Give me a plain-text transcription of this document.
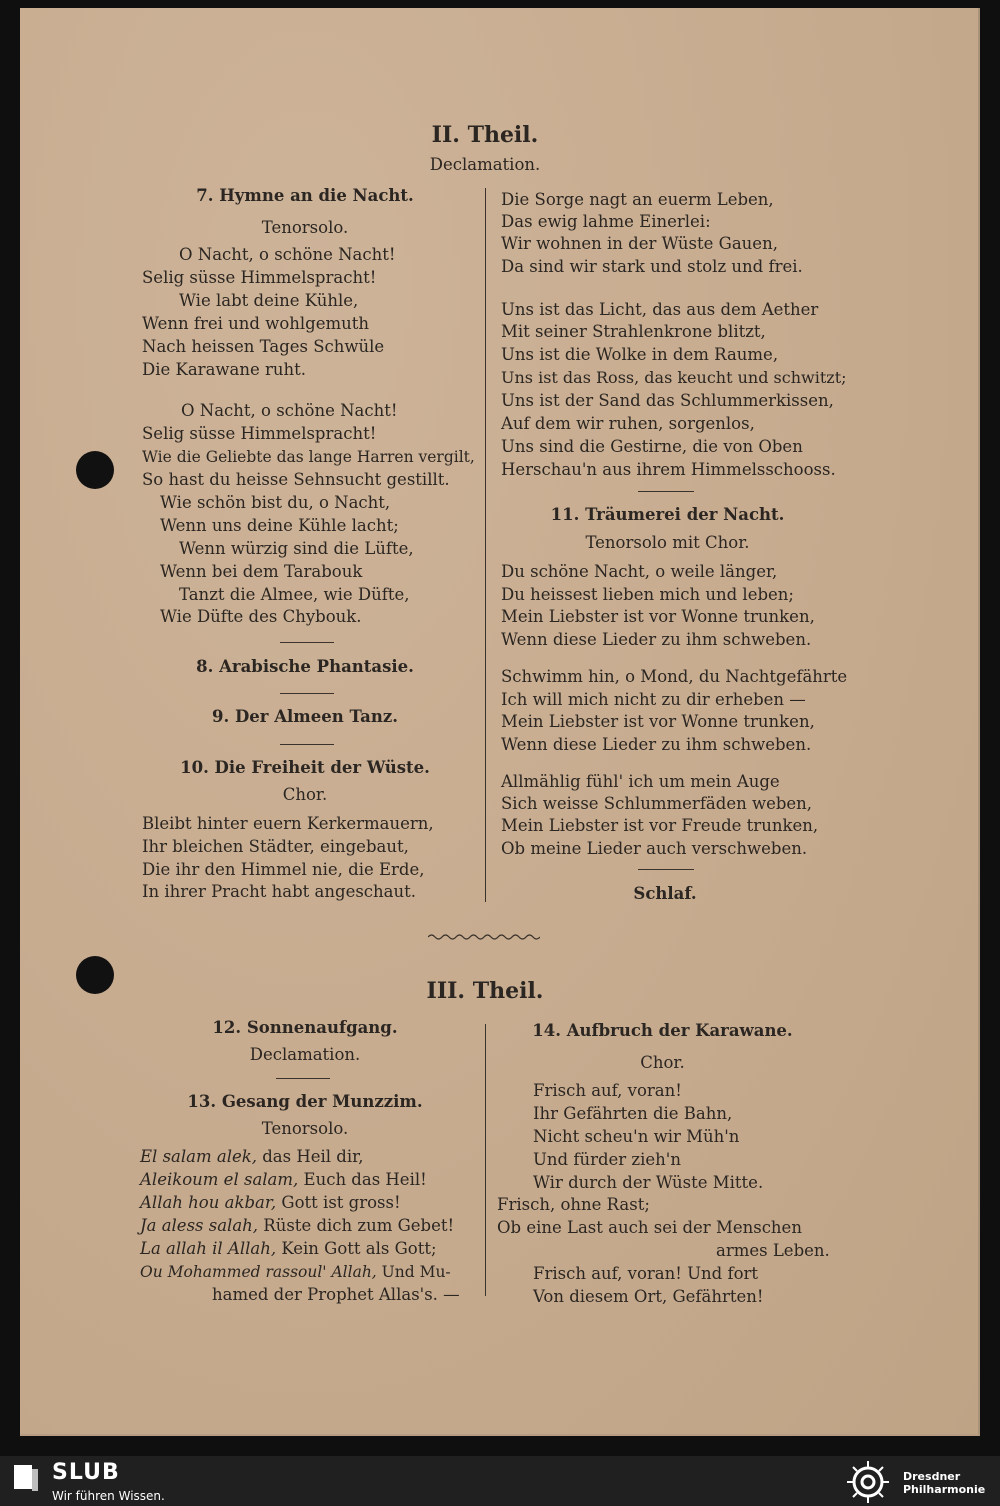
II. Theil.
Declamation.
7. Hymne an die Nacht.
Tenorsolo.
O Nacht, o schöne Nacht!
Selig süsse Himmelspracht!
Wie labt deine Kühle,
Wenn frei und wohlgemuth
Nach heissen Tages Schwüle
Die Karawane ruht.
O Nacht, o schöne Nacht!
Selig süsse Himmelspracht!
Wie die Geliebte das lange Harren vergilt,
So hast du heisse Sehnsucht gestillt.
Wie schön bist du, o Nacht,
Wenn uns deine Kühle lacht;
Wenn würzig sind die Lüfte,
Wenn bei dem Tarabouk
Tanzt die Almee, wie Düfte,
Wie Düfte des Chybouk.
8. Arabische Phantasie.
9. Der Almeen Tanz.
10. Die Freiheit der Wüste.
Chor.
Bleibt hinter euern Kerkermauern,
Ihr bleichen Städter, eingebaut,
Die ihr den Himmel nie, die Erde,
In ihrer Pracht habt angeschaut.
Die Sorge nagt an euerm Leben,
Das ewig lahme Einerlei:
Wir wohnen in der Wüste Gauen,
Da sind wir stark und stolz und frei.
Uns ist das Licht, das aus dem Aether
Mit seiner Strahlenkrone blitzt,
Uns ist die Wolke in dem Raume,
Uns ist das Ross, das keucht und schwitzt;
Uns ist der Sand das Schlummerkissen,
Auf dem wir ruhen, sorgenlos,
Uns sind die Gestirne, die von Oben
Herschau'n aus ihrem Himmelsschooss.
11. Träumerei der Nacht.
Tenorsolo mit Chor.
Du schöne Nacht, o weile länger,
Du heissest lieben mich und leben;
Mein Liebster ist vor Wonne trunken,
Wenn diese Lieder zu ihm schweben.
Schwimm hin, o Mond, du Nachtgefährte
Ich will mich nicht zu dir erheben —
Mein Liebster ist vor Wonne trunken,
Wenn diese Lieder zu ihm schweben.
Allmählig fühl' ich um mein Auge
Sich weisse Schlummerfäden weben,
Mein Liebster ist vor Freude trunken,
Ob meine Lieder auch verschweben.
Schlaf.
III. Theil.
12. Sonnenaufgang.
Declamation.
13. Gesang der Munzzim.
Tenorsolo.
El salam alek, das Heil dir,
Aleikoum el salam, Euch das Heil!
Allah hou akbar, Gott ist gross!
Ja aless salah, Rüste dich zum Gebet!
La allah il Allah, Kein Gott als Gott;
Ou Mohammed rassoul' Allah, Und Mu-
hamed der Prophet Allas's. —
14. Aufbruch der Karawane.
Chor.
Frisch auf, voran!
Ihr Gefährten die Bahn,
Nicht scheu'n wir Müh'n
Und fürder zieh'n
Wir durch der Wüste Mitte.
Frisch, ohne Rast;
Ob eine Last auch sei der Menschen
armes Leben.
Frisch auf, voran! Und fort
Von diesem Ort, Gefährten!
SLUB
Wir führen Wissen.
Dresdner
Philharmonie
